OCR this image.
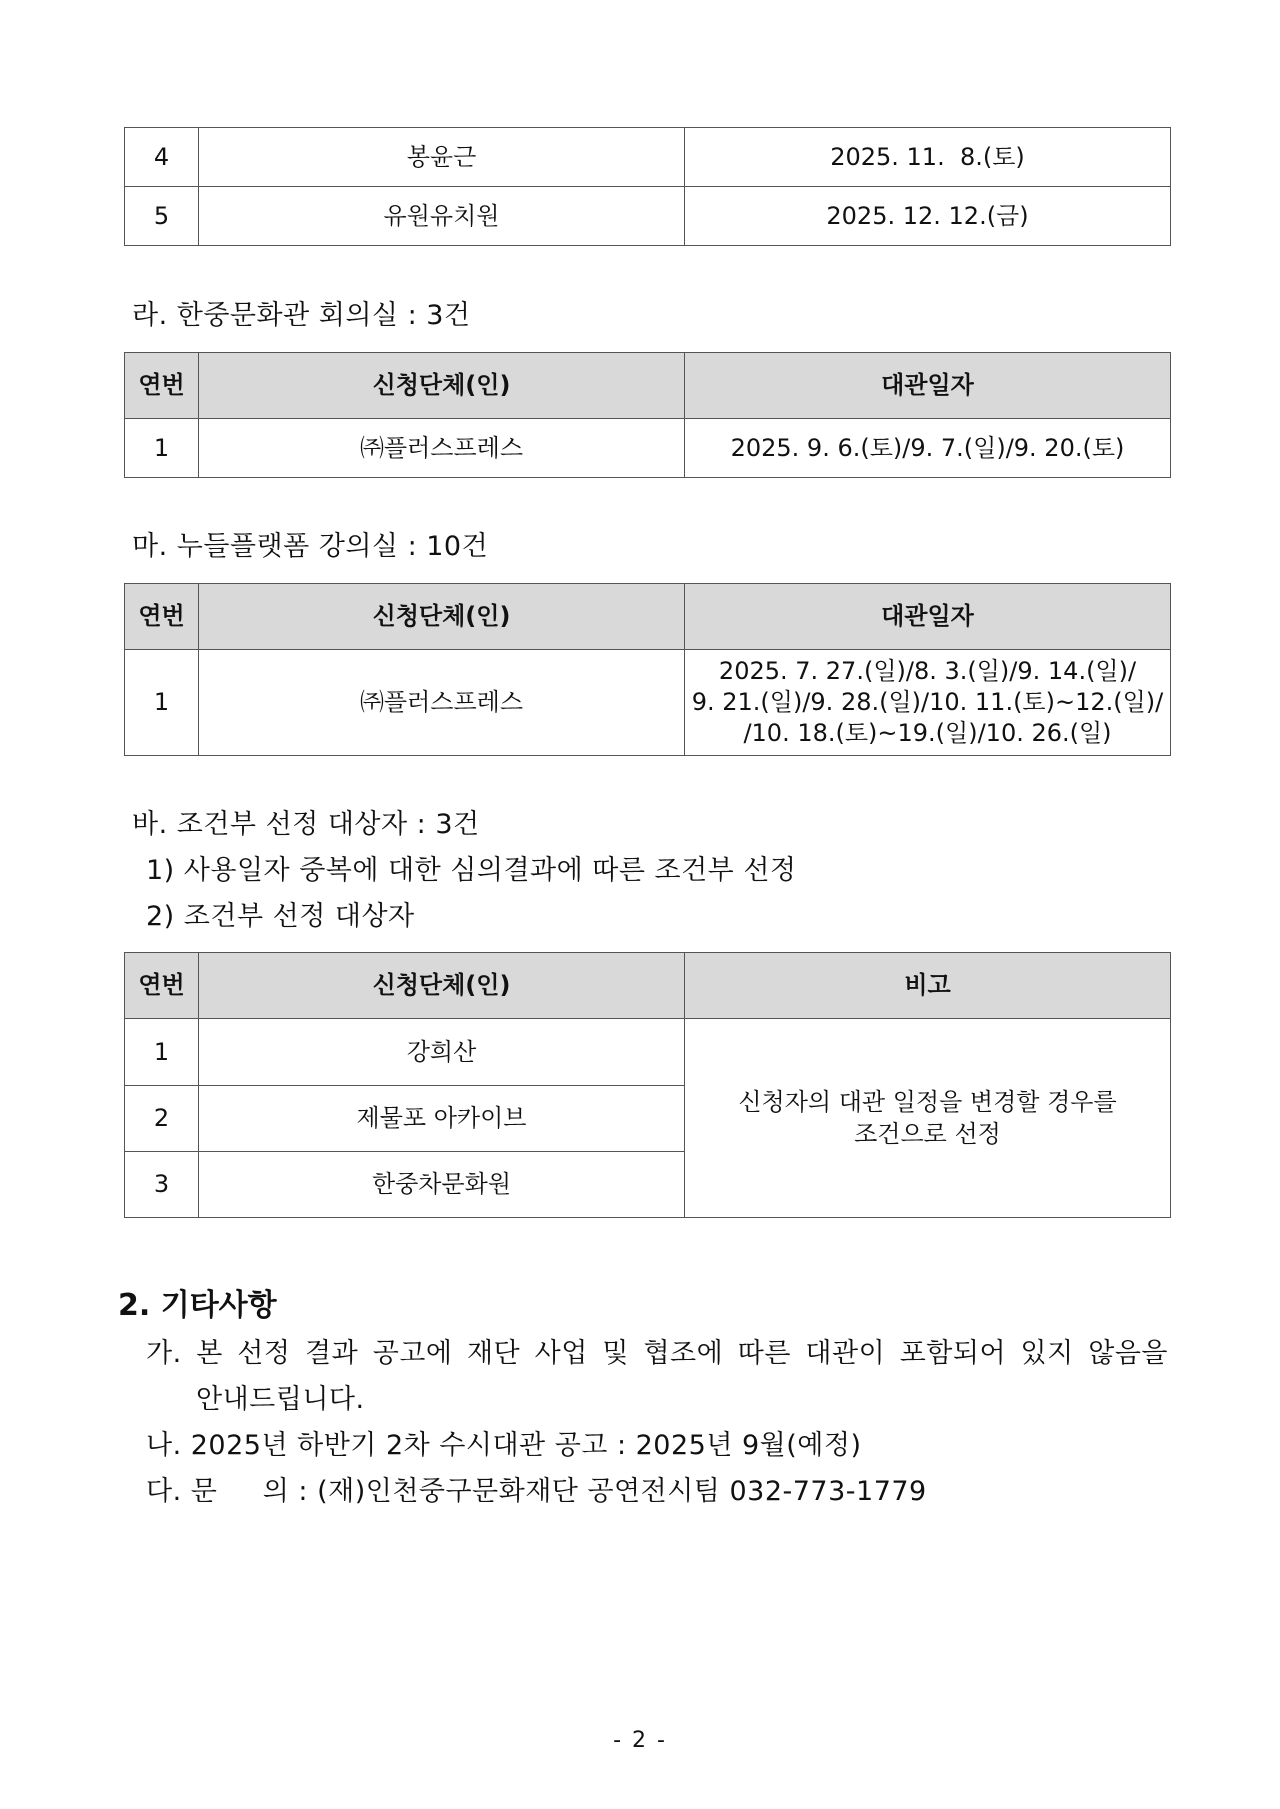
4	봉윤근	2025. 11.  8.(토)
5	유원유치원	2025. 12. 12.(금)
라. 한중문화관 회의실 : 3건
연번	신청단체(인)	대관일자
1	㈜플러스프레스	2025. 9. 6.(토)/9. 7.(일)/9. 20.(토)
마. 누들플랫폼 강의실 : 10건
연번	신청단체(인)	대관일자
1	㈜플러스프레스	2025. 7. 27.(일)/8. 3.(일)/9. 14.(일)/
9. 21.(일)/9. 28.(일)/10. 11.(토)~12.(일)/
/10. 18.(토)~19.(일)/10. 26.(일)
바. 조건부 선정 대상자 : 3건
1) 사용일자 중복에 대한 심의결과에 따른 조건부 선정
2) 조건부 선정 대상자
연번	신청단체(인)	비고
1	강희산	신청자의 대관 일정을 변경할 경우를
조건으로 선정

2	제물포 아카이브	
3	한중차문화원	
2. 기타사항
가. 본 선정 결과 공고에 재단 사업 및 협조에 따른 대관이 포함되어 있지 않음을
안내드립니다.
나. 2025년 하반기 2차 수시대관 공고 : 2025년 9월(예정)
다. 문     의 : (재)인천중구문화재단 공연전시팀 032-773-1779
- 2 -
